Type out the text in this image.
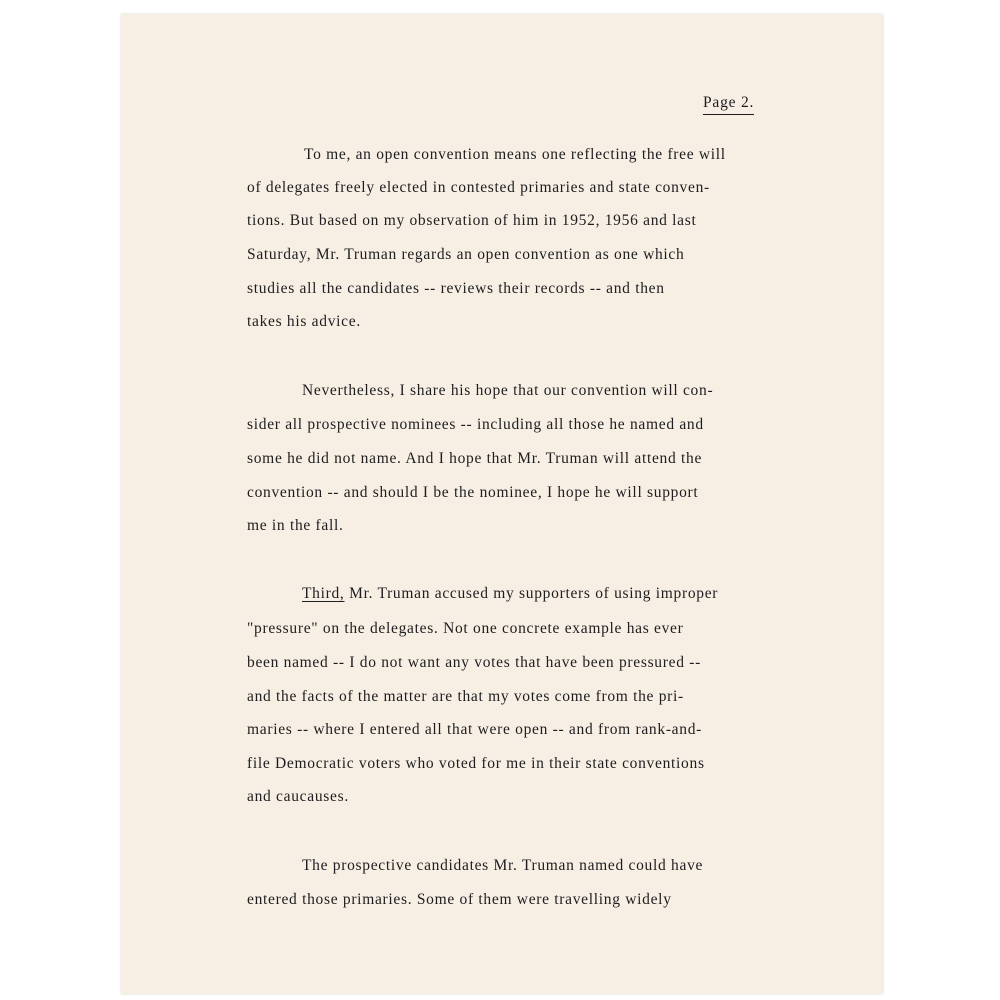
Page 2.
To me, an open convention means one reflecting the free will
of delegates freely elected in contested primaries and state conven-
tions. But based on my observation of him in 1952, 1956 and last
Saturday, Mr. Truman regards an open convention as one which
studies all the candidates -- reviews their records -- and then
takes his advice.
Nevertheless, I share his hope that our convention will con-
sider all prospective nominees -- including all those he named and
some he did not name. And I hope that Mr. Truman will attend the
convention -- and should I be the nominee, I hope he will support
me in the fall.
Third, Mr. Truman accused my supporters of using improper
"pressure" on the delegates. Not one concrete example has ever
been named -- I do not want any votes that have been pressured --
and the facts of the matter are that my votes come from the pri-
maries -- where I entered all that were open -- and from rank-and-
file Democratic voters who voted for me in their state conventions
and caucauses.
The prospective candidates Mr. Truman named could have
entered those primaries. Some of them were travelling widely
